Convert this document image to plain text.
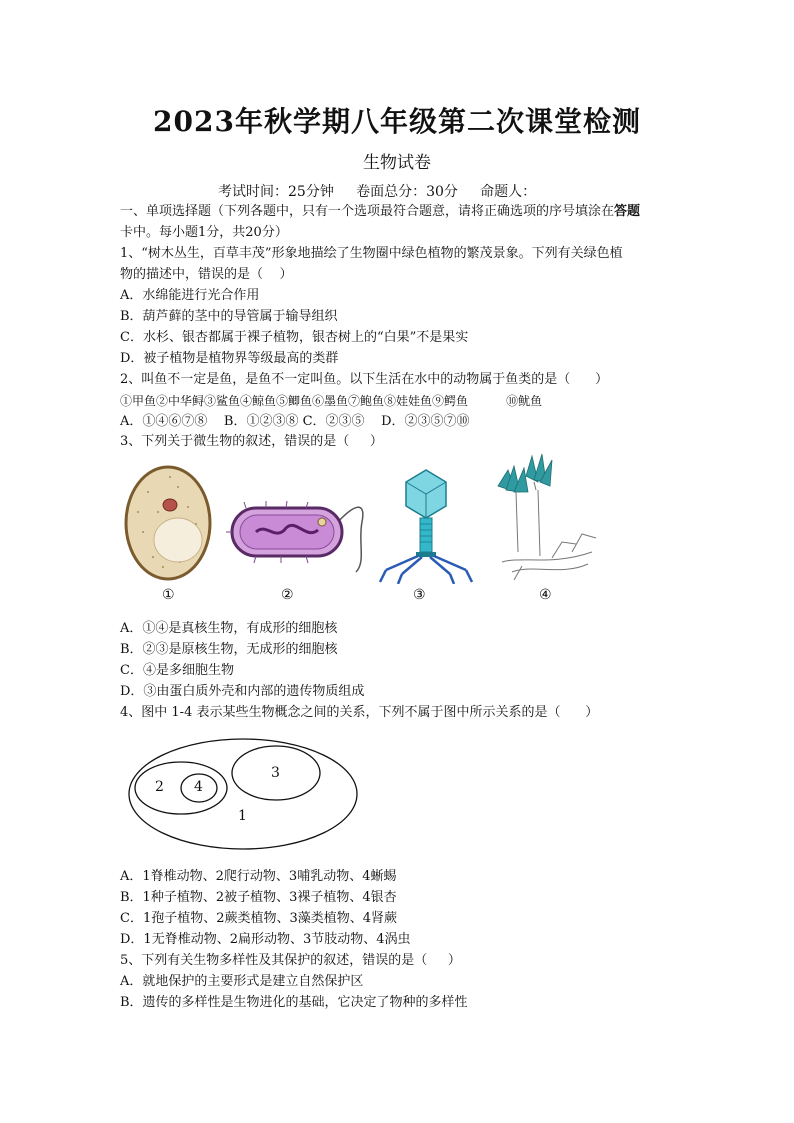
2023年秋学期八年级第二次课堂检测
生物试卷
考试时间：25分钟     卷面总分：30分     命题人：
一、单项选择题（下列各题中，只有一个选项最符合题意，请将正确选项的序号填涂在答题
卡中。每小题1分，共20分）
1、“树木丛生，百草丰茂”形象地描绘了生物圈中绿色植物的繁茂景象。下列有关绿色植
物的描述中，错误的是（    ）
A．水绵能进行光合作用
B．葫芦藓的茎中的导管属于输导组织
C．水杉、银杏都属于裸子植物，银杏树上的“白果”不是果实
D．被子植物是植物界等级最高的类群
2、叫鱼不一定是鱼，是鱼不一定叫鱼。以下生活在水中的动物属于鱼类的是（      ）
①甲鱼②中华鲟③鲨鱼④鲸鱼⑤鲫鱼⑥墨鱼⑦鲍鱼⑧娃娃鱼⑨鳄鱼          ⑩鱿鱼
A．①④⑥⑦⑧    B．①②③⑧ C．②③⑤    D．②③⑤⑦⑩
3、下列关于微生物的叙述，错误的是（     ）
①	②	③	④
A．①④是真核生物，有成形的细胞核
B．②③是原核生物，无成形的细胞核
C．④是多细胞生物
D．③由蛋白质外壳和内部的遗传物质组成
4、图中 1-4 表示某些生物概念之间的关系，下列不属于图中所示关系的是（      ）
1
2
3
4
A．1脊椎动物、2爬行动物、3哺乳动物、4蜥蜴
B．1种子植物、2被子植物、3裸子植物、4银杏
C．1孢子植物、2蕨类植物、3藻类植物、4肾蕨
D．1无脊椎动物、2扁形动物、3节肢动物、4涡虫
5、下列有关生物多样性及其保护的叙述，错误的是（     ）
A．就地保护的主要形式是建立自然保护区
B．遗传的多样性是生物进化的基础，它决定了物种的多样性
